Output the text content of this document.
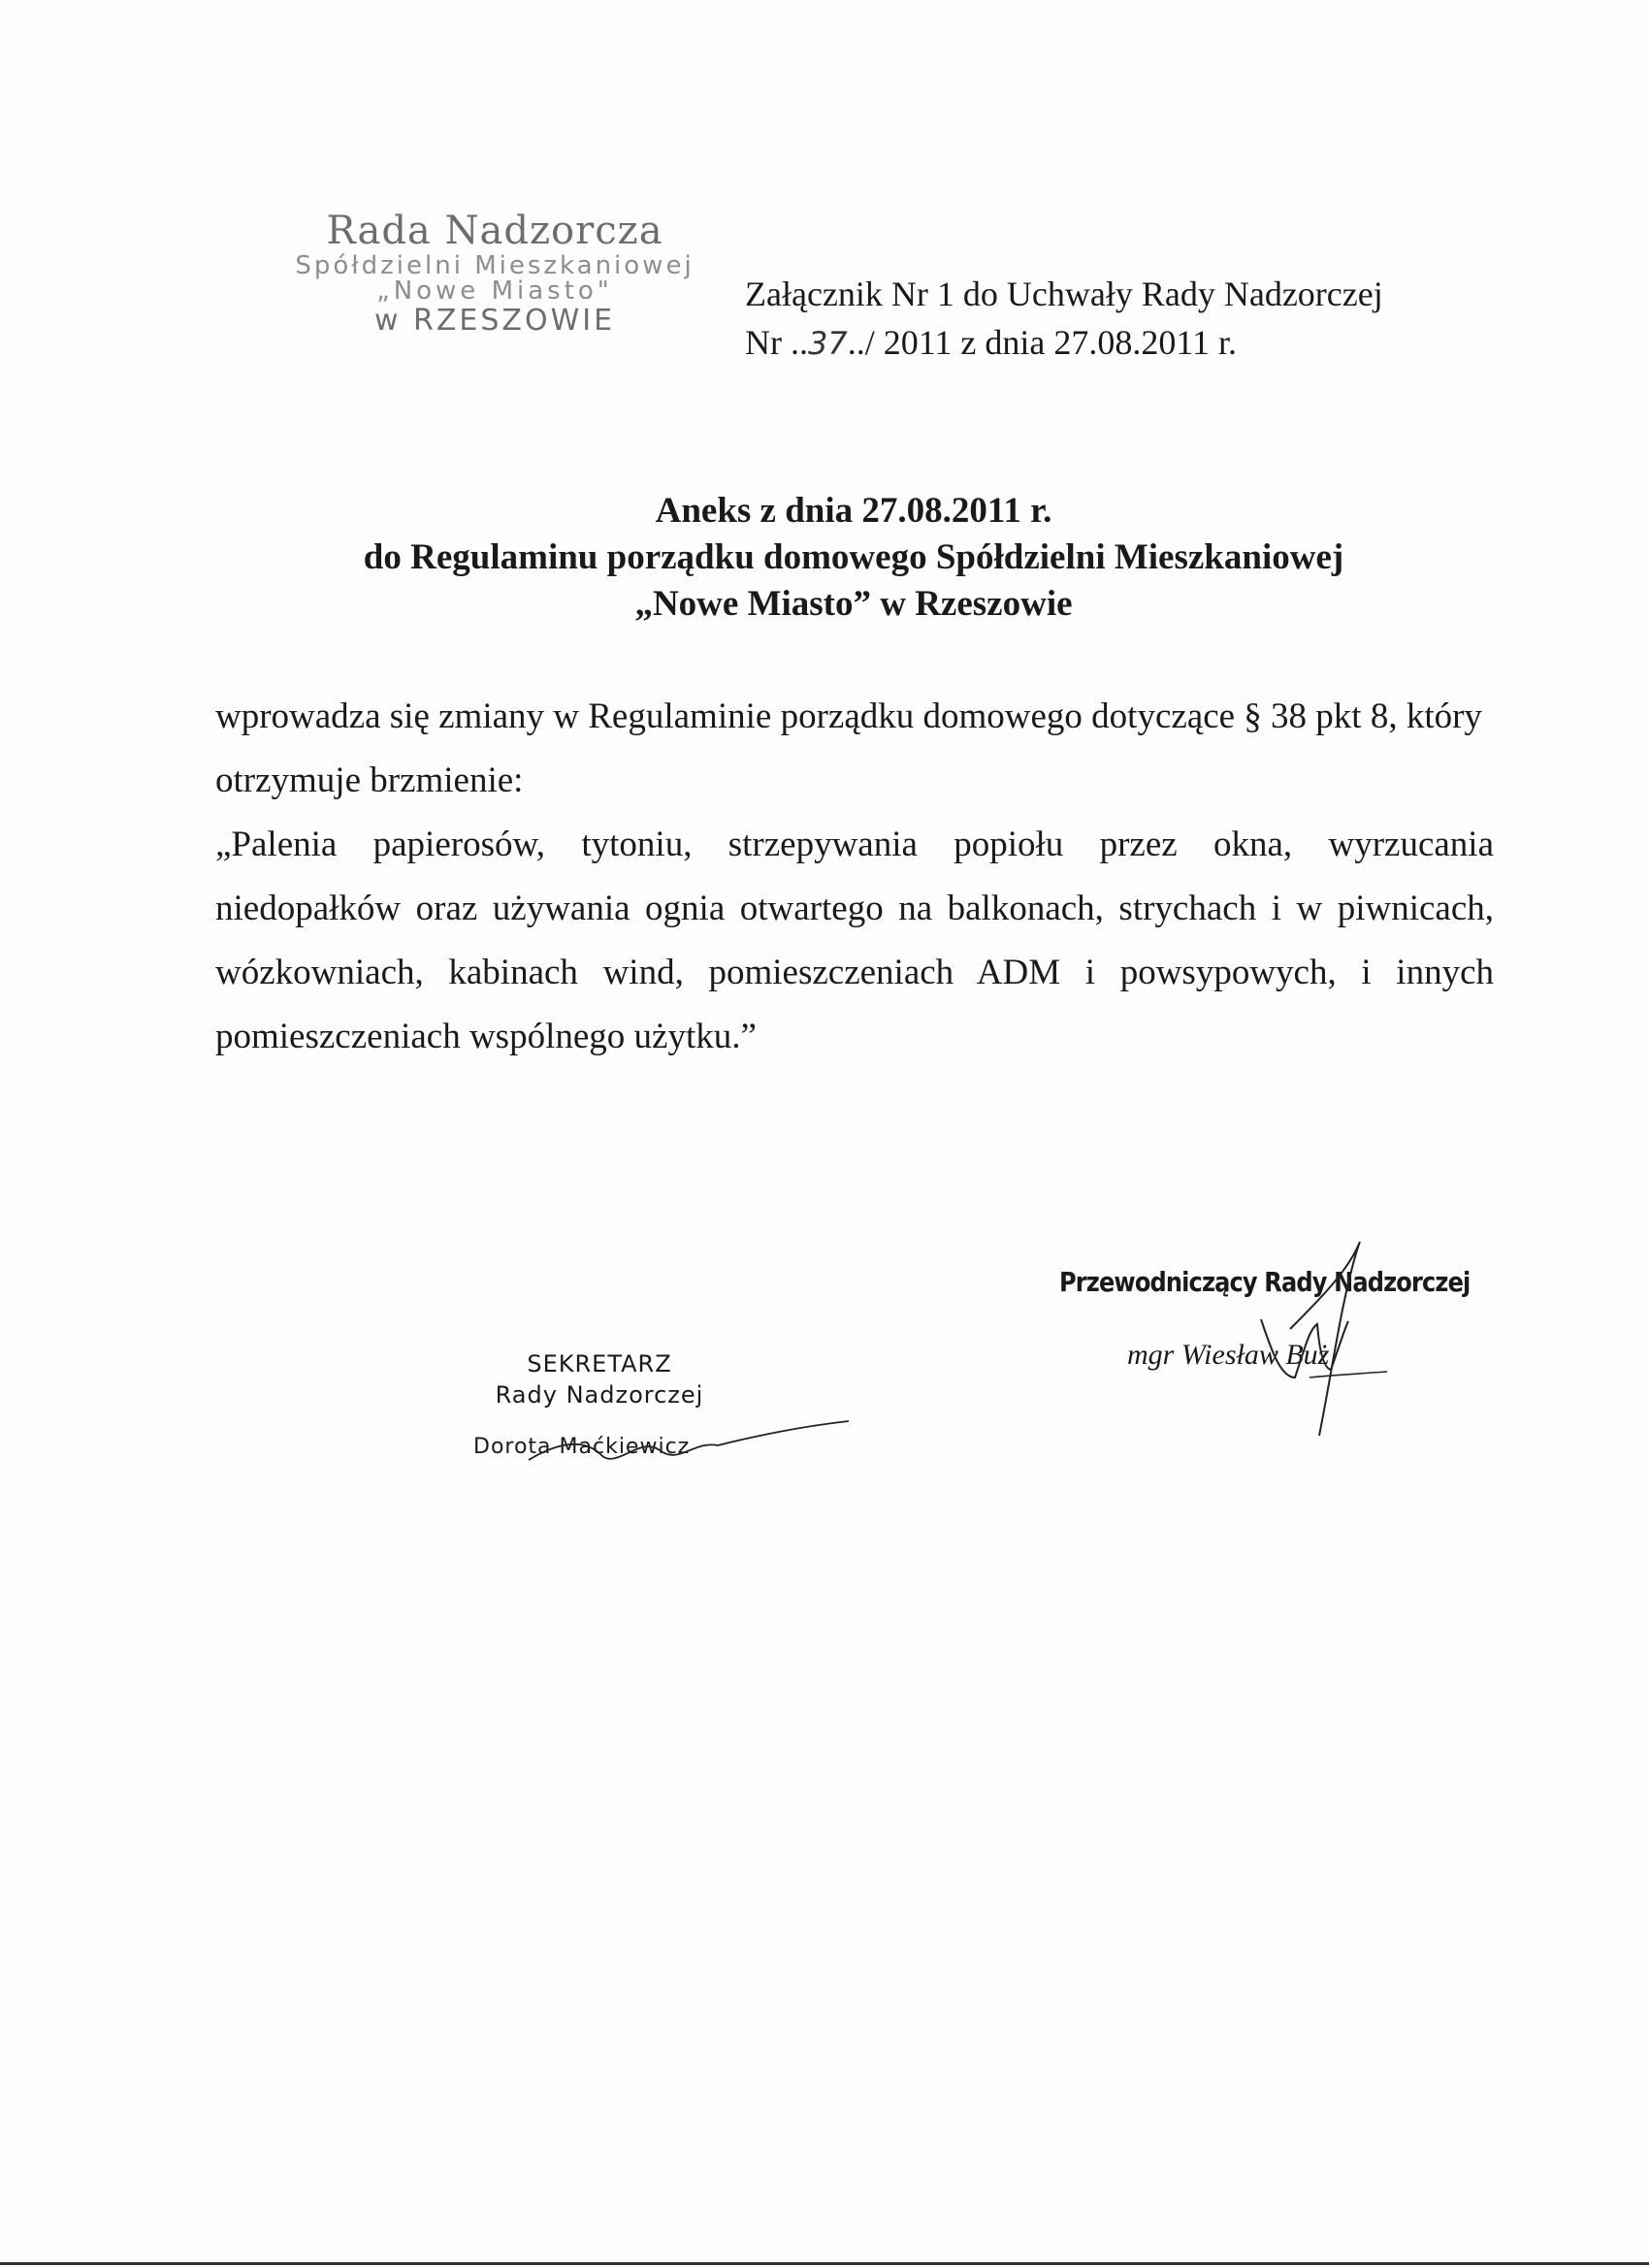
Rada Nadzorcza
Spółdzielni Mieszkaniowej
„Nowe Miasto"
w RZESZOWIE
Załącznik Nr 1 do Uchwały Rady Nadzorczej
Nr ..37../ 2011 z dnia 27.08.2011 r.
Aneks z dnia 27.08.2011 r.
do Regulaminu porządku domowego Spółdzielni Mieszkaniowej
„Nowe Miasto” w Rzeszowie

wprowadza się zmiany w Regulaminie porządku domowego dotyczące § 38 pkt 8, który otrzymuje brzmienie:

„Palenia papierosów, tytoniu, strzepywania popiołu przez okna, wyrzucania niedopałków oraz używania ognia otwartego na balkonach, strychach i w piwnicach, wózkowniach, kabinach wind, pomieszczeniach ADM i powsypowych, i innych pomieszczeniach wspólnego użytku.”

Przewodniczący Rady Nadzorczej
mgr Wiesław Buż
SEKRETARZ
Rady Nadzorczej
Dorota Maćkiewicz
